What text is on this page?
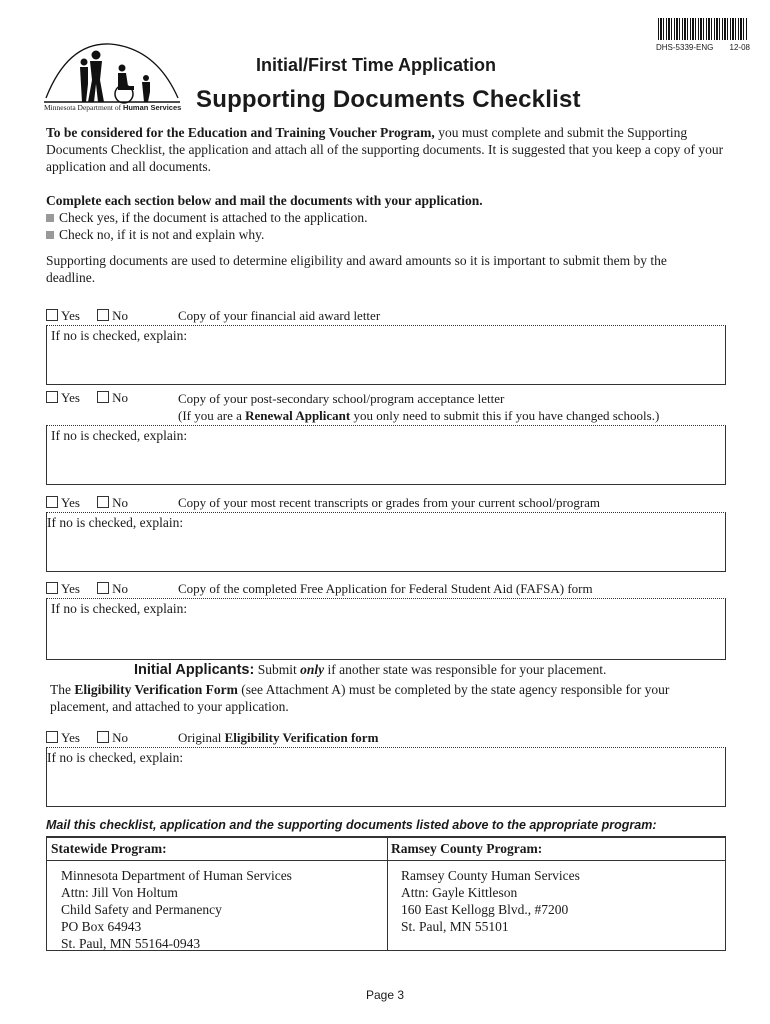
DHS-5339-ENG 12-08
Minnesota Department of Human Services
Initial/First Time Application
Supporting Documents Checklist
To be considered for the Education and Training Voucher Program, you must complete and submit the Supporting Documents Checklist, the application and attach all of the supporting documents. It is suggested that you keep a copy of your application and all documents.
Complete each section below and mail the documents with your application.
Check yes, if the document is attached to the application.
Check no, if it is not and explain why.
Supporting documents are used to determine eligibility and award amounts so it is important to submit them by the deadline.
Yes No	Copy of your financial aid award letter
If no is checked, explain:
Yes No	Copy of your post-secondary school/program acceptance letter
(If you are a Renewal Applicant you only need to submit this if you have changed schools.)
If no is checked, explain:
Yes No	Copy of your most recent transcripts or grades from your current school/program
If no is checked, explain:
Yes No	Copy of the completed Free Application for Federal Student Aid (FAFSA) form
If no is checked, explain:
Initial Applicants: Submit only if another state was responsible for your placement.
The Eligibility Verification Form (see Attachment A) must be completed by the state agency responsible for your placement, and attached to your application.
Yes No	Original Eligibility Verification form
If no is checked, explain:
Mail this checklist, application and the supporting documents listed above to the appropriate program:
Statewide Program:
Minnesota Department of Human Services
Attn: Jill Von Holtum
Child Safety and Permanency
PO Box 64943
St. Paul, MN 55164-0943
Ramsey County Program:
Ramsey County Human Services
Attn: Gayle Kittleson
160 East Kellogg Blvd., #7200
St. Paul, MN 55101
Page 3
